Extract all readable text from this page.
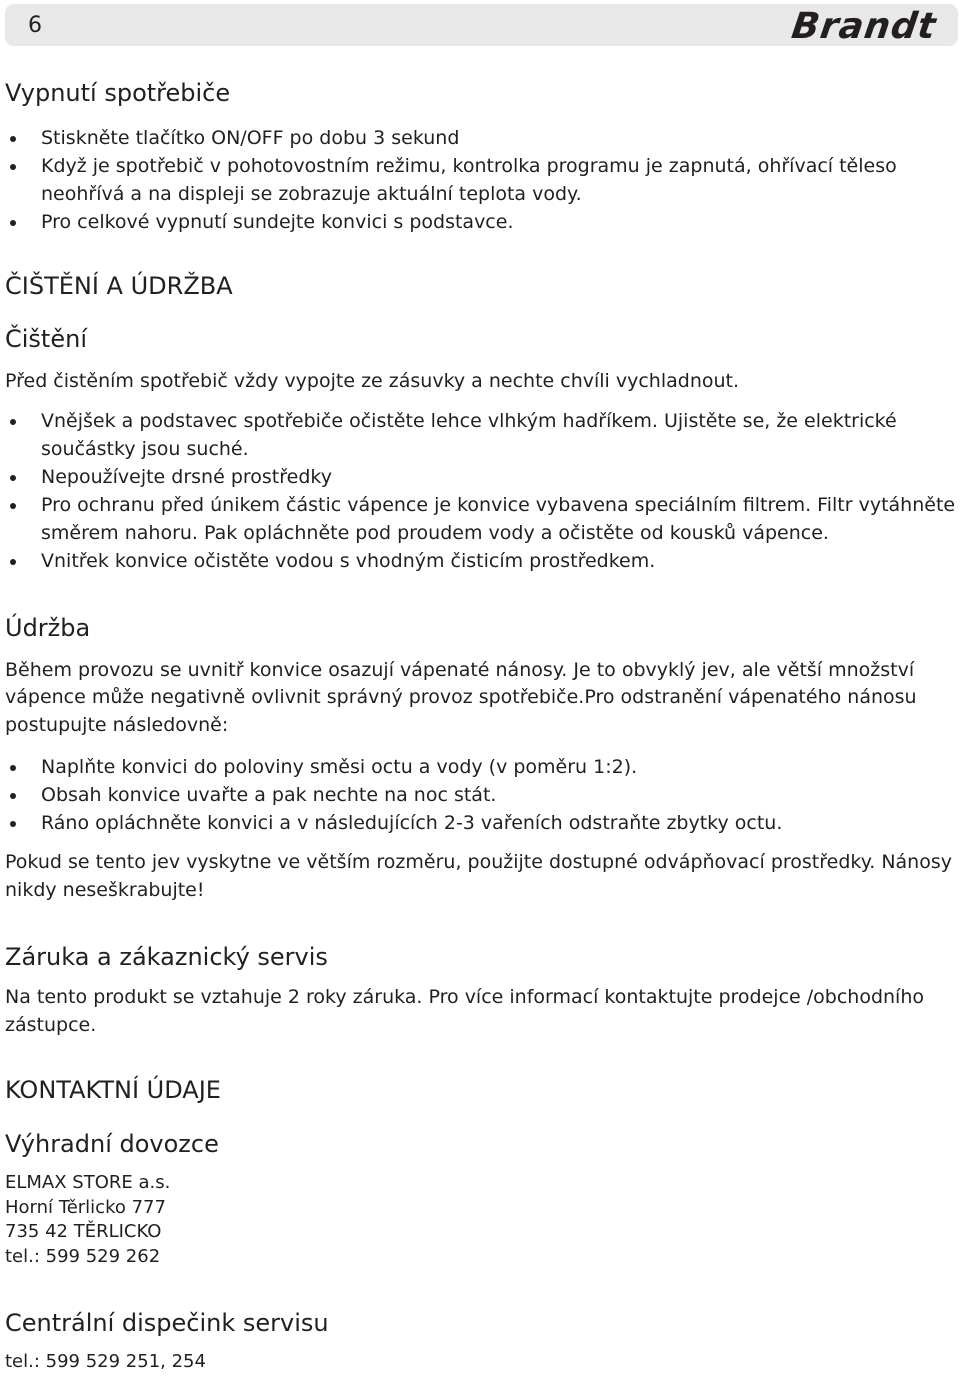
6	Brandt
Vypnutí spotřebiče
Stiskněte tlačítko ON/OFF po dobu 3 sekund
Když je spotřebič v pohotovostním režimu, kontrolka programu je zapnutá, ohřívací těleso neohřívá a na displeji se zobrazuje aktuální teplota vody.
Pro celkové vypnutí sundejte konvici s podstavce.
ČIŠTĚNÍ A ÚDRŽBA
Čištění

Před čistěním spotřebič vždy vypojte ze zásuvky a nechte chvíli vychladnout.

Vnějšek a podstavec spotřebiče očistěte lehce vlhkým hadříkem. Ujistěte se, že elektrické součástky jsou suché.
Nepoužívejte drsné prostředky
Pro ochranu před únikem částic vápence je konvice vybavena speciálním filtrem. Filtr vytáhněte směrem nahoru. Pak opláchněte pod proudem vody a očistěte od kousků vápence.
Vnitřek konvice očistěte vodou s vhodným čisticím prostředkem.
Údržba

Během provozu se uvnitř konvice osazují vápenaté nánosy. Je to obvyklý jev, ale větší množství vápence může negativně ovlivnit správný provoz spotřebiče.Pro odstranění vápenatého nánosu postupujte následovně:

Naplňte konvici do poloviny směsi octu a vody (v poměru 1:2).
Obsah konvice uvařte a pak nechte na noc stát.
Ráno opláchněte konvici a v následujících 2-3 vařeních odstraňte zbytky octu.

Pokud se tento jev vyskytne ve větším rozměru, použijte dostupné odvápňovací prostředky. Nánosy nikdy neseškrabujte!

Záruka a zákaznický servis

Na tento produkt se vztahuje 2 roky záruka. Pro více informací kontaktujte prodejce /obchodního zástupce.

KONTAKTNÍ ÚDAJE
Výhradní dovozce

ELMAX STORE a.s.

Horní Těrlicko 777

735 42 TĚRLICKO

tel.: 599 529 262

Centrální dispečink servisu

tel.: 599 529 251, 254
